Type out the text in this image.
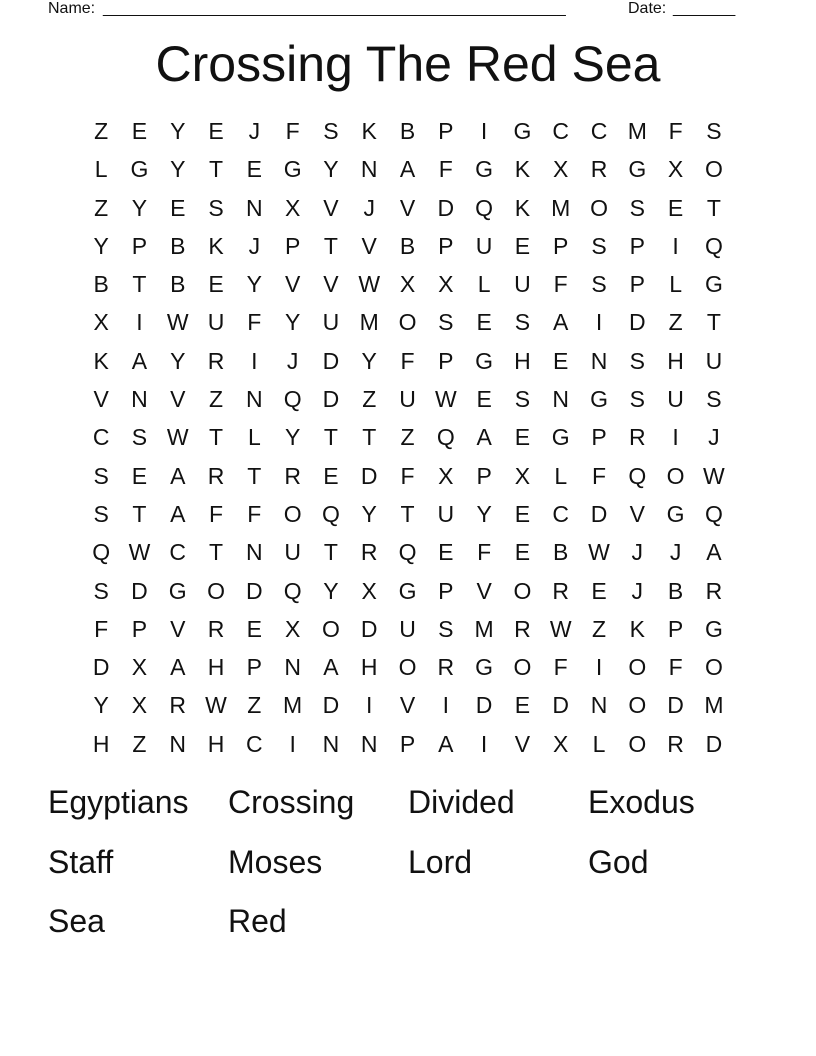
Name: ____________________________________________________	Date: _______
Crossing The Red Sea
Z	E Y E	J	F	S K B P	I	G C C M F	S
L G Y	T	E G Y N A	F G K X R G X O
Z	Y E S N X V	J	V D Q K M O S E	T
Y P B K	J	P	T	V B P U E P S P	I	Q
B	T	B E Y V V W X X	L	U F	S P	L G
X	I	W U F	Y U M O S E S A	I	D Z	T
K A Y R	I	J	D Y	F	P G H E N S H U
V N V	Z N Q D Z U W E S N G S U S
C S W T	L	Y	T	T	Z Q A E G P R	I	J
S E A R T R E D F	X P X	L	F Q O W
S	T	A	F	F O Q Y	T U Y E C D V G Q
Q W C T N U T R Q E	F	E B W J	J	A
S D G O D Q Y X G P V O R E	J	B R
F	P V R E X O D U S M R W Z	K P G
D X A H P N A H O R G O F	I	O F O
Y X R W Z M D	I	V	I	D E D N O D M
H Z N H C	I	N N P A	I	V X	L O R D
Egyptians	Crossing	Divided	Exodus
Staff	Moses	Lord	God
Sea	Red
